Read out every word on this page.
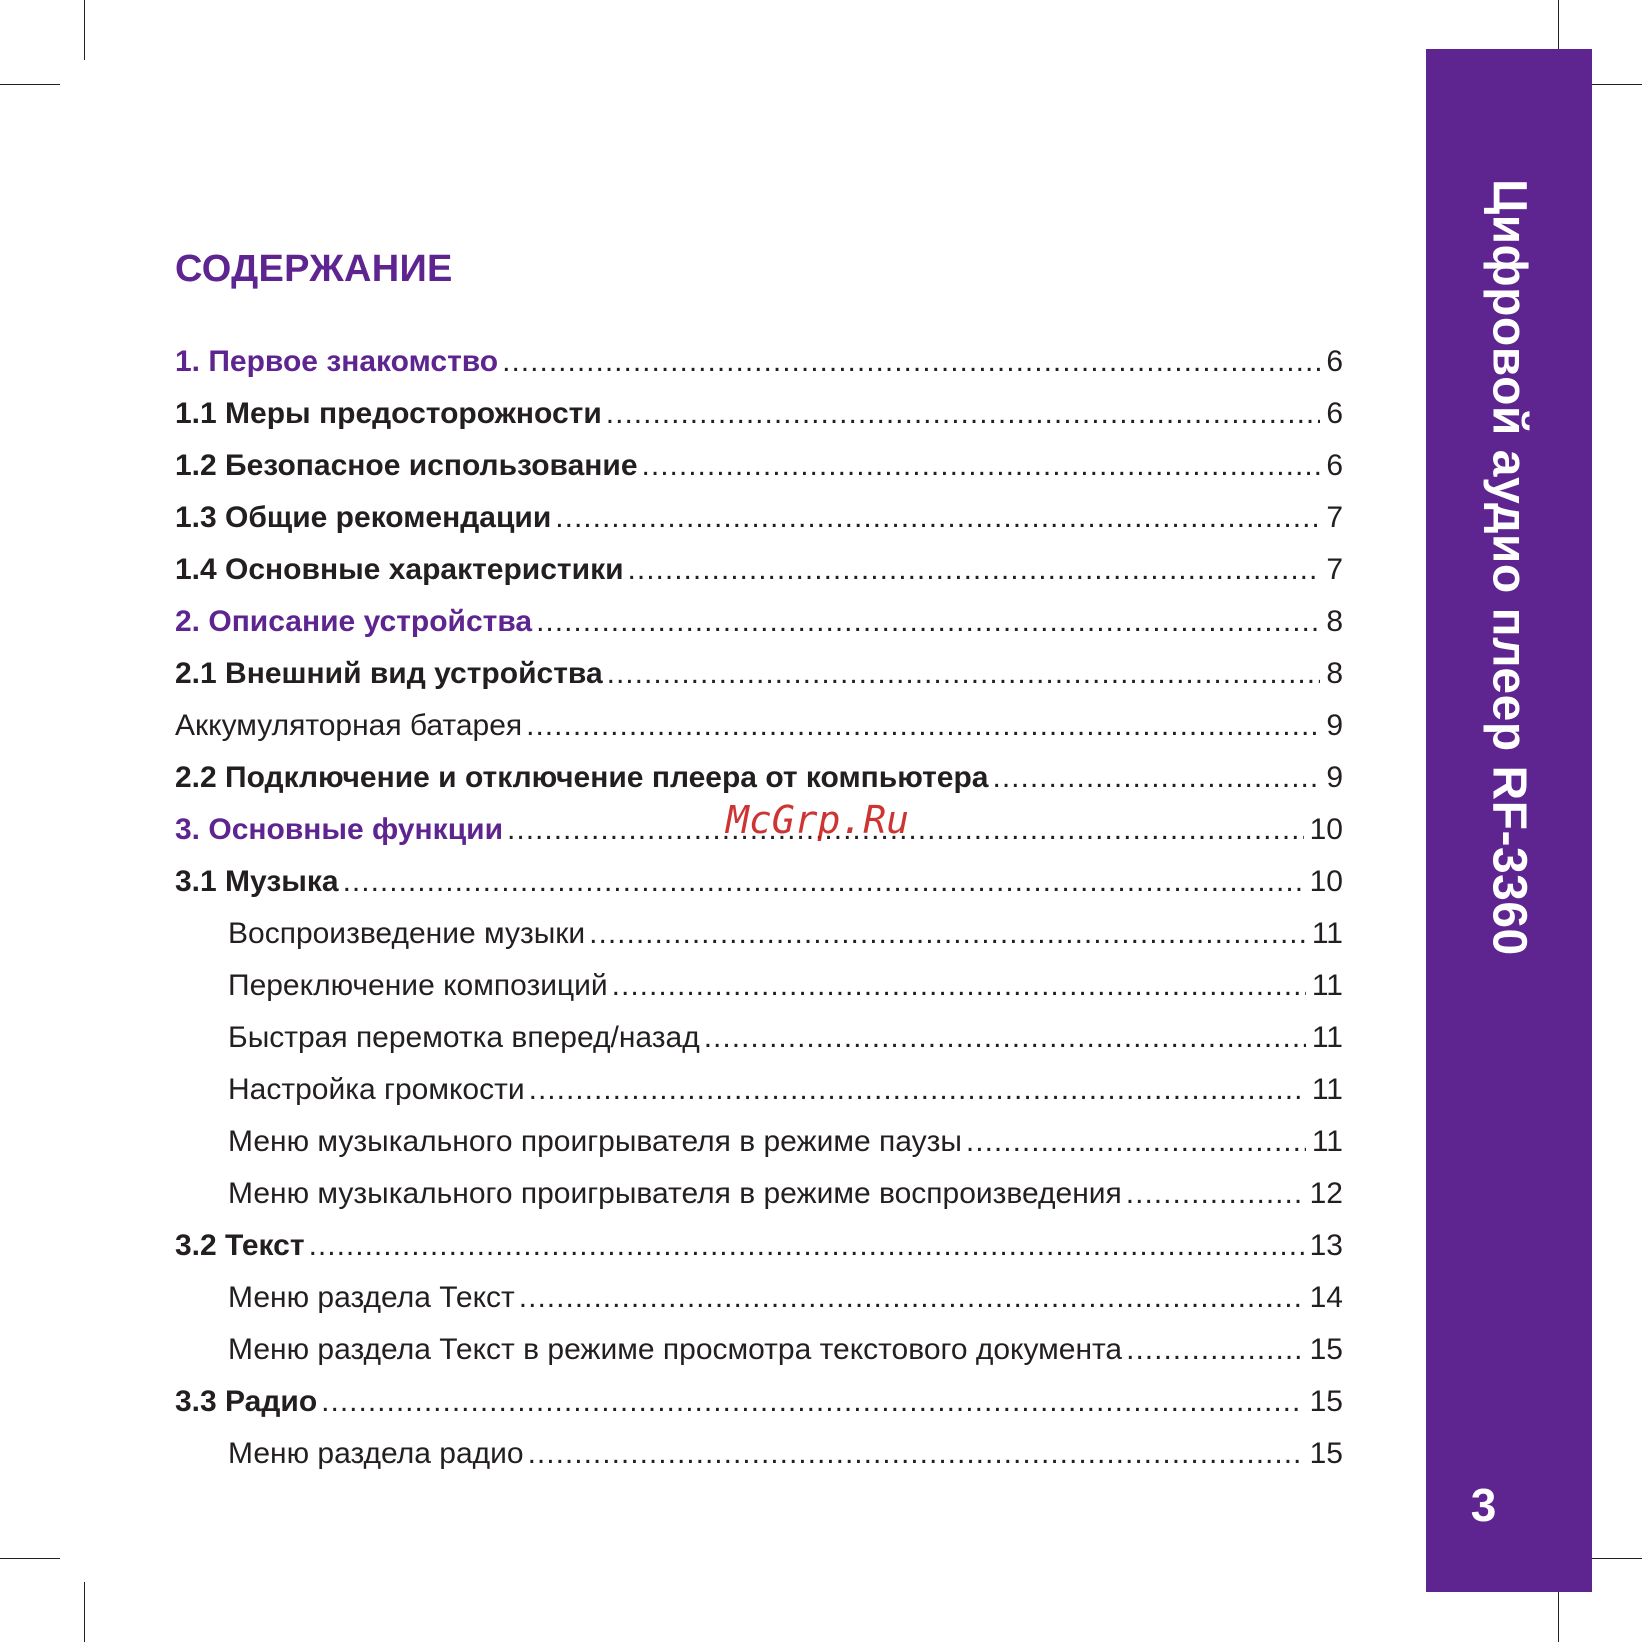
Цифровой аудио плеер RF-3360
3
СОДЕРЖАНИЕ
1. Первое знакомство .....	6
1.1 Меры предосторожности .....	6
1.2 Безопасное использование .....	6
1.3 Общие рекомендации .....	7
1.4 Основные характеристики .....	7
2. Описание устройства .....	8
2.1 Внешний вид устройства .....	8
Аккумуляторная батарея .....	9
2.2 Подключение и отключение плеера от компьютера .....	9
3. Основные функции .....	10
3.1 Музыка .....	10
Воспроизведение музыки .....	11
Переключение композиций .....	11
Быстрая перемотка вперед/назад .....	11
Настройка громкости .....	11
Меню музыкального проигрывателя в режиме паузы .....	11
Меню музыкального проигрывателя в режиме воспроизведения .....	12
3.2 Текст .....	13
Меню раздела Текст .....	14
Меню раздела Текст в режиме просмотра текстового документа .....	15
3.3 Радио .....	15
Меню раздела радио .....	15
McGrp.Ru
